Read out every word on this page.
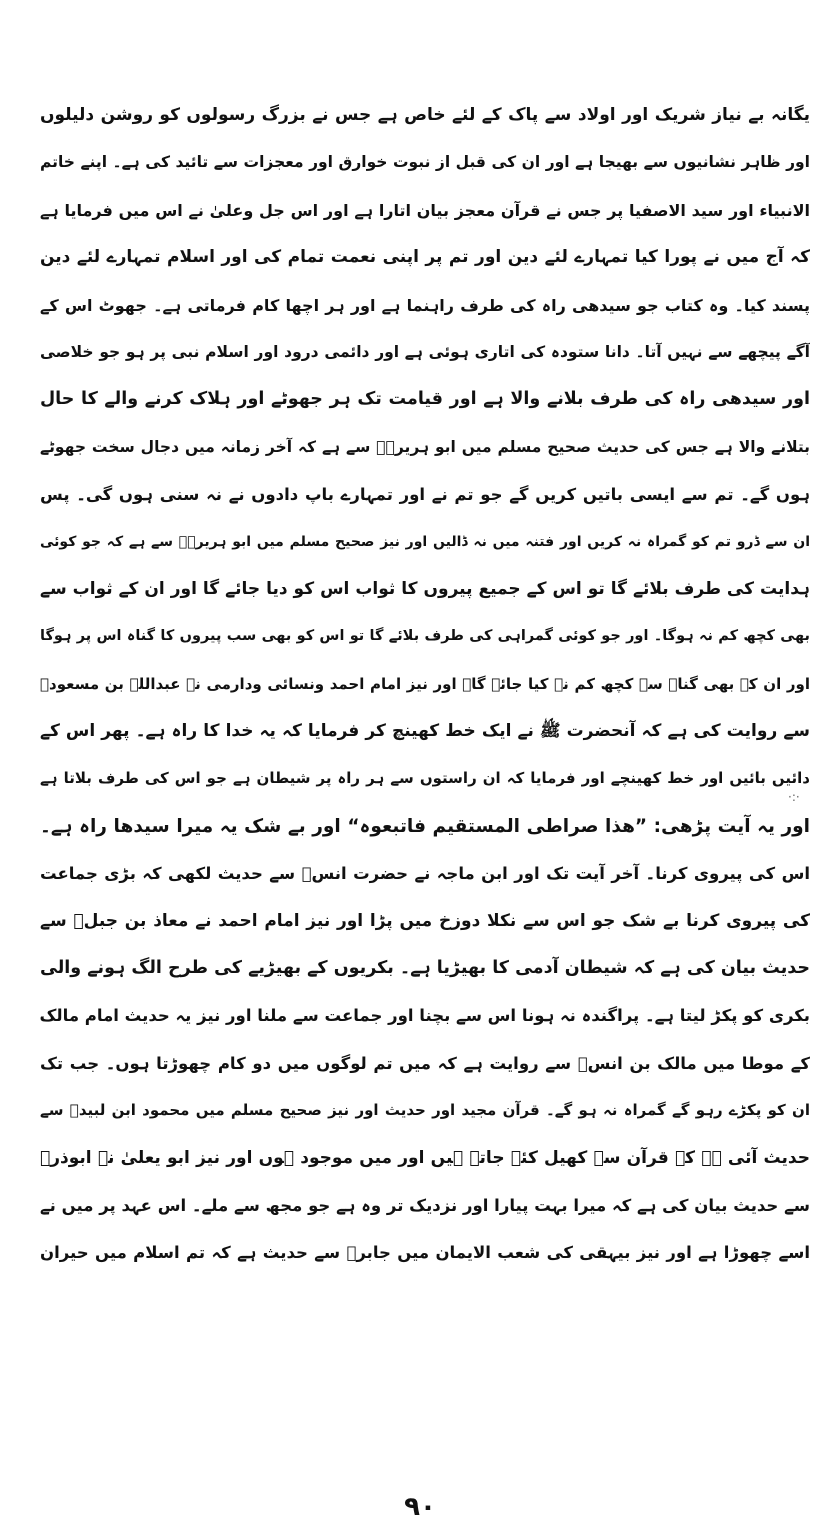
یگانہ بے نیاز شریک اور اولاد سے پاک کے لئے خاص ہے جس نے بزرگ رسولوں کو روشن دلیلوں
اور ظاہر نشانیوں سے بھیجا ہے اور ان کی قبل از نبوت خوارق اور معجزات سے تائید کی ہے۔ اپنے خاتم
الانبیاء اور سید الاصفیا پر جس نے قرآن معجز بیان اتارا ہے اور اس جل وعلیٰ نے اس میں فرمایا ہے
کہ آج میں نے پورا کیا تمہارے لئے دین اور تم پر اپنی نعمت تمام کی اور اسلام تمہارے لئے دین
پسند کیا۔ وہ کتاب جو سیدھی راہ کی طرف راہنما ہے اور ہر اچھا کام فرماتی ہے۔ جھوٹ اس کے
آگے پیچھے سے نہیں آتا۔ دانا ستودہ کی اتاری ہوئی ہے اور دائمی درود اور اسلام نبی پر ہو جو خلاصی
اور سیدھی راہ کی طرف بلانے والا ہے اور قیامت تک ہر جھوٹے اور ہلاک کرنے والے کا حال
بتلانے والا ہے جس کی حدیث صحیح مسلم میں ابو ہریرہؓ سے ہے کہ آخر زمانہ میں دجال سخت جھوٹے
ہوں گے۔ تم سے ایسی باتیں کریں گے جو تم نے اور تمہارے باپ دادوں نے نہ سنی ہوں گی۔ پس
ان سے ڈرو تم کو گمراہ نہ کریں اور فتنہ میں نہ ڈالیں اور نیز صحیح مسلم میں ابو ہریرہؓ سے ہے کہ جو کوئی
ہدایت کی طرف بلائے گا تو اس کے جمیع پیروں کا ثواب اس کو دیا جائے گا اور ان کے ثواب سے
بھی کچھ کم نہ ہوگا۔ اور جو کوئی گمراہی کی طرف بلائے گا تو اس کو بھی سب پیروں کا گناہ اس پر ہوگا
اور ان کے بھی گناہ سے کچھ کم نہ کیا جائے گا۔ اور نیز امام احمد ونسائی ودارمی نے عبداللہ بن مسعودؓ
سے روایت کی ہے کہ آنحضرت ﷺ نے ایک خط کھینچ کر فرمایا کہ یہ خدا کا راہ ہے۔ پھر اس کے
دائیں بائیں اور خط کھینچے اور فرمایا کہ ان راستوں سے ہر راہ پر شیطان ہے جو اس کی طرف بلاتا ہے
اور یہ آیت پڑھی: ”ھذا صراطی المستقیم فاتبعوہ“ اور بے شک یہ میرا سیدھا راہ ہے۔
اس کی پیروی کرنا۔ آخر آیت تک اور ابن ماجہ نے حضرت انسؓ سے حدیث لکھی کہ بڑی جماعت
کی پیروی کرنا بے شک جو اس سے نکلا دوزخ میں پڑا اور نیز امام احمد نے معاذ بن جبلؓ سے
حدیث بیان کی ہے کہ شیطان آدمی کا بھیڑیا ہے۔ بکریوں کے بھیڑیے کی طرح الگ ہونے والی
بکری کو پکڑ لیتا ہے۔ پراگندہ نہ ہونا اس سے بچنا اور جماعت سے ملنا اور نیز یہ حدیث امام مالک
کے موطا میں مالک بن انسؓ سے روایت ہے کہ میں تم لوگوں میں دو کام چھوڑتا ہوں۔ جب تک
ان کو پکڑے رہو گے گمراہ نہ ہو گے۔ قرآن مجید اور حدیث اور نیز صحیح مسلم میں محمود ابن لبیدؓ سے
حدیث آئی ہے کہ قرآن سے کھیل کئے جاتے ہیں اور میں موجود ہوں اور نیز ابو یعلیٰ نے ابوذرؓ
سے حدیث بیان کی ہے کہ میرا بہت پیارا اور نزدیک تر وہ ہے جو مجھ سے ملے۔ اس عہد پر میں نے
اسے چھوڑا ہے اور نیز بیہقی کی شعب الایمان میں جابرؓ سے حدیث ہے کہ تم اسلام میں حیران
·:·
۹۰
